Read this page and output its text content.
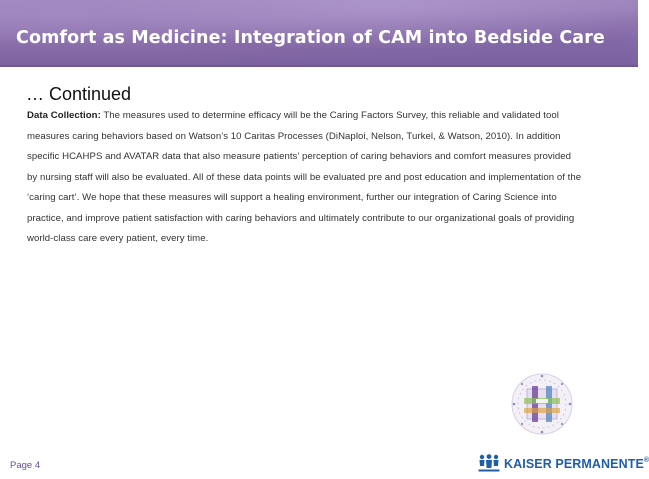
Comfort as Medicine: Integration of CAM into Bedside Care
… Continued

Data Collection: The measures used to determine efficacy will be the Caring Factors Survey, this reliable and validated tool measures caring behaviors based on Watson’s 10 Caritas Processes (DiNaploi, Nelson, Turkel, & Watson, 2010). In addition specific HCAHPS and AVATAR data that also measure patients’ perception of caring behaviors and comfort measures provided by nursing staff will also be evaluated. All of these data points will be evaluated pre and post education and implementation of the ‘caring cart’. We hope that these measures will support a healing environment, further our integration of Caring Science into practice, and improve patient satisfaction with caring behaviors and ultimately contribute to our organizational goals of providing world-class care every patient, every time.

Page 4	KAISER PERMANENTE®
